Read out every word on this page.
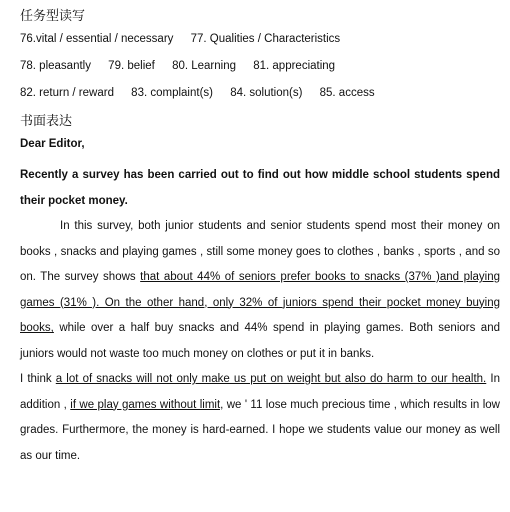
任务型读写
76.vital / essential / necessary 77. Qualities / Characteristics
78. pleasantly 79. belief 80. Learning 81. appreciating
82. return / reward 83. complaint(s) 84. solution(s) 85. access
书面表达
Dear Editor,

Recently a survey has been carried out to find out how middle school students spend their pocket money.

In this survey, both junior students and senior students spend most their money on books , snacks and playing games , still some money goes to clothes , banks , sports , and so on. The survey shows that about 44% of seniors prefer books to snacks (37% )and playing games (31% ). On the other hand, only 32% of juniors spend their pocket money buying books, while over a half buy snacks and 44% spend in playing games. Both seniors and juniors would not waste too much money on clothes or put it in banks.

I think a lot of snacks will not only make us put on weight but also do harm to our health. In addition , if we play games without limit, we ' 11 lose much precious time , which results in low grades. Furthermore, the money is hard-earned. I hope we students value our money as well as our time.
